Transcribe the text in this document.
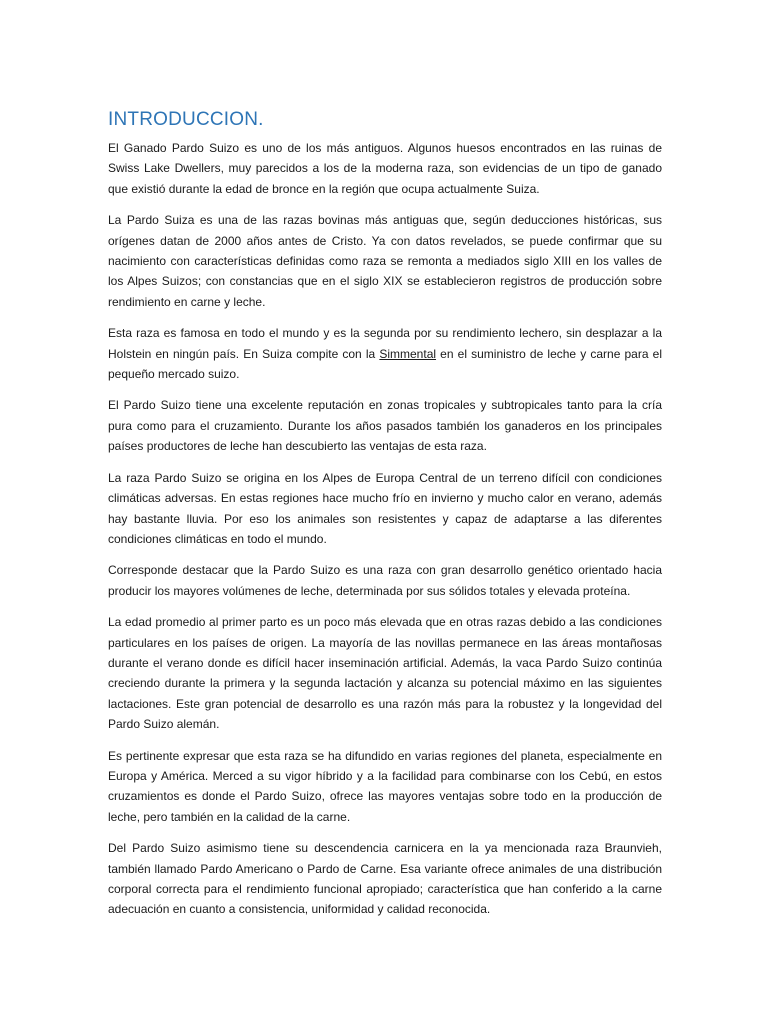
INTRODUCCION.

El Ganado Pardo Suizo es uno de los más antiguos. Algunos huesos encontrados en las ruinas de Swiss Lake Dwellers, muy parecidos a los de la moderna raza, son evidencias de un tipo de ganado que existió durante la edad de bronce en la región que ocupa actualmente Suiza.

La Pardo Suiza es una de las razas bovinas más antiguas que, según deducciones históricas, sus orígenes datan de 2000 años antes de Cristo. Ya con datos revelados, se puede confirmar que su nacimiento con características definidas como raza se remonta a mediados siglo XIII en los valles de los Alpes Suizos; con constancias que en el siglo XIX se establecieron registros de producción sobre rendimiento en carne y leche.

Esta raza es famosa en todo el mundo y es la segunda por su rendimiento lechero, sin desplazar a la Holstein en ningún país. En Suiza compite con la Simmental en el suministro de leche y carne para el pequeño mercado suizo.

El Pardo Suizo tiene una excelente reputación en zonas tropicales y subtropicales tanto para la cría pura como para el cruzamiento. Durante los años pasados también los ganaderos en los principales países productores de leche han descubierto las ventajas de esta raza.

La raza Pardo Suizo se origina en los Alpes de Europa Central de un terreno difícil con condiciones climáticas adversas. En estas regiones hace mucho frío en invierno y mucho calor en verano, además hay bastante lluvia. Por eso los animales son resistentes y capaz de adaptarse a las diferentes condiciones climáticas en todo el mundo.

Corresponde destacar que la Pardo Suizo es una raza con gran desarrollo genético orientado hacia producir los mayores volúmenes de leche, determinada por sus sólidos totales y elevada proteína.

La edad promedio al primer parto es un poco más elevada que en otras razas debido a las condiciones particulares en los países de origen. La mayoría de las novillas permanece en las áreas montañosas durante el verano donde es difícil hacer inseminación artificial. Además, la vaca Pardo Suizo continúa creciendo durante la primera y la segunda lactación y alcanza su potencial máximo en las siguientes lactaciones. Este gran potencial de desarrollo es una razón más para la robustez y la longevidad del Pardo Suizo alemán.

Es pertinente expresar que esta raza se ha difundido en varias regiones del planeta, especialmente en Europa y América. Merced a su vigor híbrido y a la facilidad para combinarse con los Cebú, en estos cruzamientos es donde el Pardo Suizo, ofrece las mayores ventajas sobre todo en la producción de leche, pero también en la calidad de la carne.

Del Pardo Suizo asimismo tiene su descendencia carnicera en la ya mencionada raza Braunvieh, también llamado Pardo Americano o Pardo de Carne. Esa variante ofrece animales de una distribución corporal correcta para el rendimiento funcional apropiado; característica que han conferido a la carne adecuación en cuanto a consistencia, uniformidad y calidad reconocida.
